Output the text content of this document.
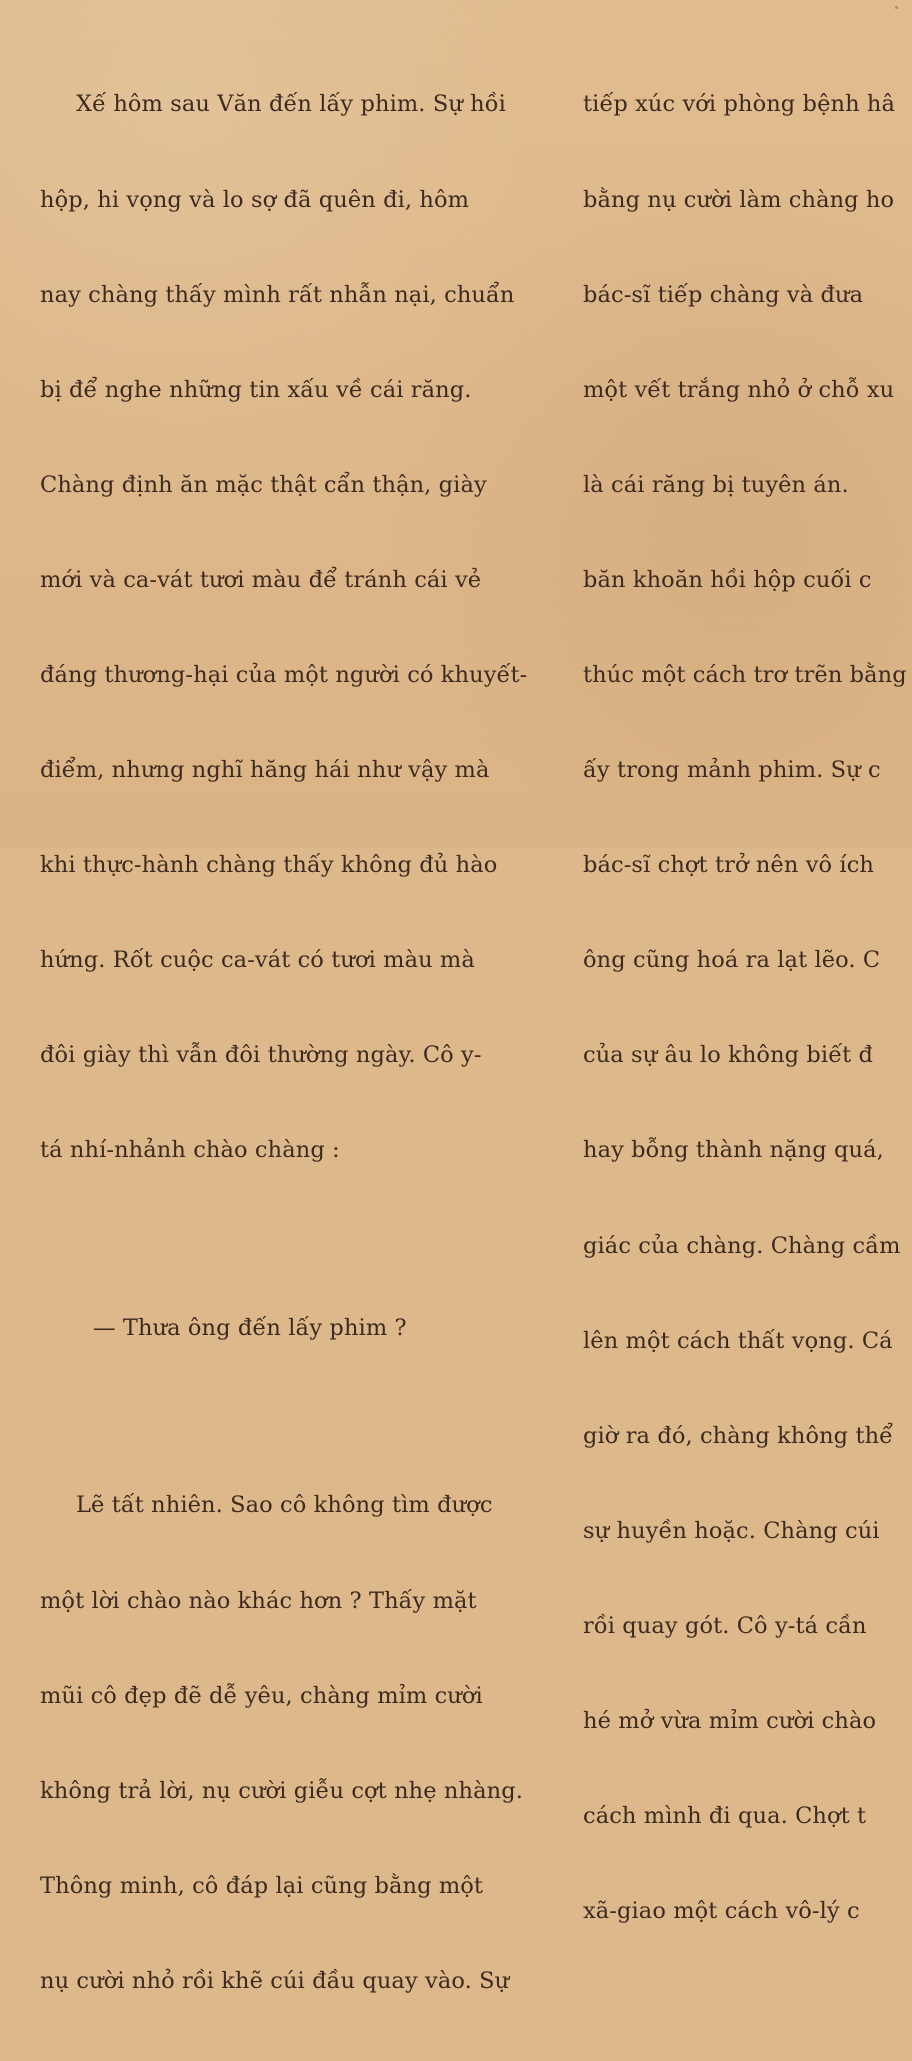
Xế hôm sau Văn đến lấy phim. Sự hồi

hộp, hi vọng và lo sợ đã quên đi, hôm

nay chàng thấy mình rất nhẫn nại, chuẩn

bị để nghe những tin xấu về cái răng.

Chàng định ăn mặc thật cẩn thận, giày

mới và ca-vát tươi màu để tránh cái vẻ

đáng thương-hại của một người có khuyết-

điểm, nhưng nghĩ hăng hái như vậy mà

khi thực-hành chàng thấy không đủ hào

hứng. Rốt cuộc ca-vát có tươi màu mà

đôi giày thì vẫn đôi thường ngày. Cô y-

tá nhí-nhảnh chào chàng :

— Thưa ông đến lấy phim ?

Lẽ tất nhiên. Sao cô không tìm được

một lời chào nào khác hơn ? Thấy mặt

mũi cô đẹp đẽ dễ yêu, chàng mỉm cười

không trả lời, nụ cười giễu cợt nhẹ nhàng.

Thông minh, cô đáp lại cũng bằng một

nụ cười nhỏ rồi khẽ cúi đầu quay vào. Sự

tiếp xúc với phòng bệnh hâ

bằng nụ cười làm chàng ho

bác-sĩ tiếp chàng và đưa

một vết trắng nhỏ ở chỗ xu

là cái răng bị tuyên án.

băn khoăn hồi hộp cuối c

thúc một cách trơ trẽn bằng

ấy trong mảnh phim. Sự c

bác-sĩ chợt trở nên vô ích

ông cũng hoá ra lạt lẽo. C

của sự âu lo không biết đ

hay bỗng thành nặng quá,

giác của chàng. Chàng cầm

lên một cách thất vọng. Cá

giờ ra đó, chàng không thể

sự huyền hoặc. Chàng cúi

rồi quay gót. Cô y-tá cần

hé mở vừa mỉm cười chào

cách mình đi qua. Chợt t

xã-giao một cách vô-lý c
